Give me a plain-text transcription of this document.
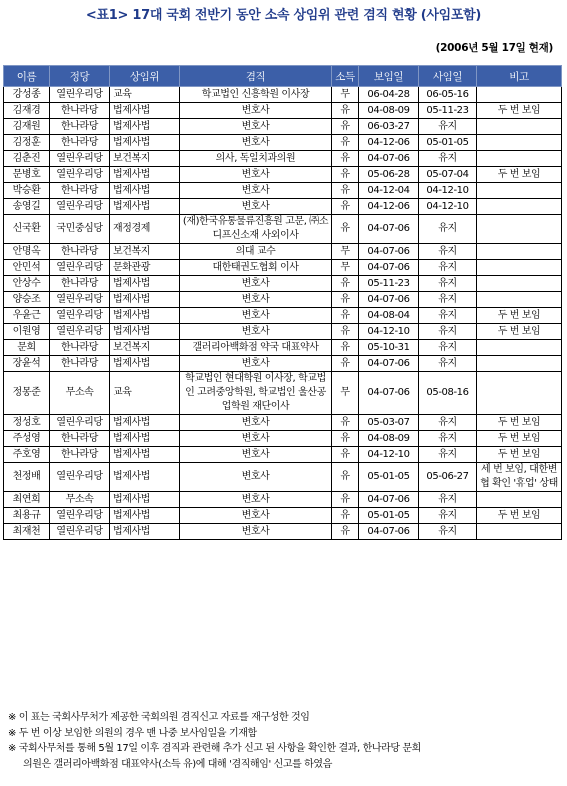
<표1> 17대 국회 전반기 동안 소속 상임위 관련 겸직 현황 (사임포함)
(2006년 5월 17일 현재)
이름	정당	상임위	겸직	소득	보임일	사임일	비고
강성종	열린우리당	교육	학교법인 신흥학원 이사장	무	06-04-28	06-05-16	
김재경	한나라당	법제사법	변호사	유	04-08-09	05-11-23	두 번 보임
김재원	한나라당	법제사법	변호사	유	06-03-27	유지	
김정훈	한나라당	법제사법	변호사	유	04-12-06	05-01-05	
김춘진	열린우리당	보건복지	의사, 독일치과의원	유	04-07-06	유지	
문병호	열린우리당	법제사법	변호사	유	05-06-28	05-07-04	두 번 보임
박승환	한나라당	법제사법	변호사	유	04-12-04	04-12-10	
송영길	열린우리당	법제사법	변호사	유	04-12-06	04-12-10	
신국환	국민중심당	재정경제	(재)한국유통물류진흥원 고문, ㈜소디프신소재 사외이사	유	04-07-06	유지	
안명옥	한나라당	보건복지	의대 교수	무	04-07-06	유지	
안민석	열린우리당	문화관광	대한태권도협회 이사	무	04-07-06	유지	
안상수	한나라당	법제사법	변호사	유	05-11-23	유지	
양승조	열린우리당	법제사법	변호사	유	04-07-06	유지	
우윤근	열린우리당	법제사법	변호사	유	04-08-04	유지	두 번 보임
이원영	열린우리당	법제사법	변호사	유	04-12-10	유지	두 번 보임
문희	한나라당	보건복지	갤러리아백화점 약국 대표약사	유	05-10-31	유지	
장윤석	한나라당	법제사법	변호사	유	04-07-06	유지	
정몽준	무소속	교육	학교법인 현대학원 이사장, 학교법인 고려중앙학원, 학교법인 울산공업학원 재단이사	무	04-07-06	05-08-16	
정성호	열린우리당	법제사법	변호사	유	05-03-07	유지	두 번 보임
주성영	한나라당	법제사법	변호사	유	04-08-09	유지	두 번 보임
주호영	한나라당	법제사법	변호사	유	04-12-10	유지	두 번 보임
천정배	열린우리당	법제사법	변호사	유	05-01-05	05-06-27	세 번 보임, 대한변협 확인 '휴업' 상태
최연희	무소속	법제사법	변호사	유	04-07-06	유지	
최용규	열린우리당	법제사법	변호사	유	05-01-05	유지	두 번 보임
최재천	열린우리당	법제사법	변호사	유	04-07-06	유지	
※ 이 표는 국회사무처가 제공한 국회의원 겸직신고 자료를 재구성한 것임
※ 두 번 이상 보임한 의원의 경우 맨 나중 보사임일을 기재함
※ 국회사무처를 통해 5월 17일 이후 겸직과 관련해 추가 신고 된 사항을 확인한 결과, 한나라당 문희
의원은 갤러리아백화점 대표약사(소득 유)에 대해 '겸직해임' 신고를 하였음
